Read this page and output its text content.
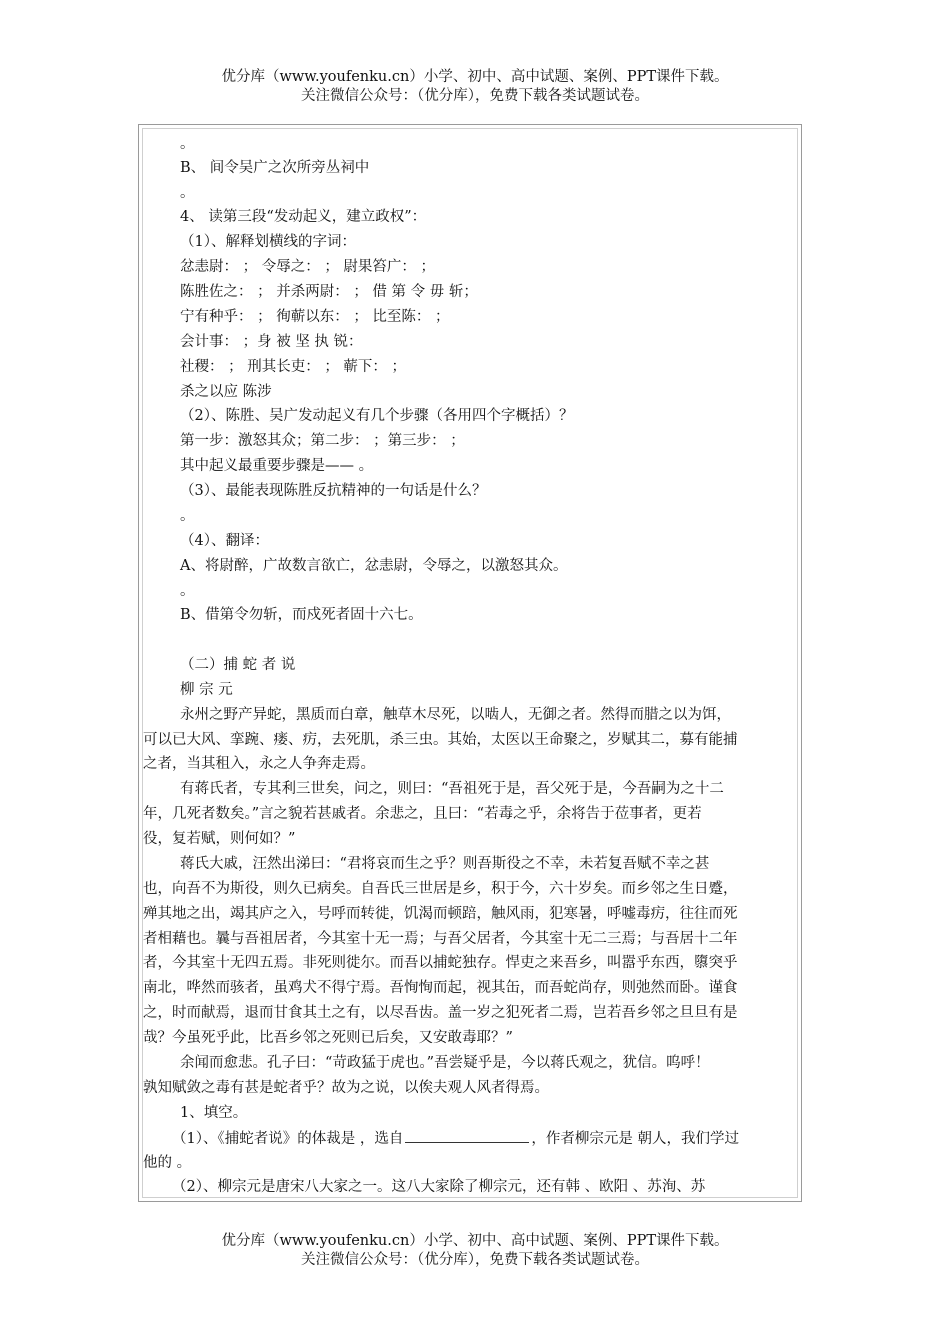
优分库（www.youfenku.cn）小学、初中、高中试题、案例、PPT课件下载。
关注微信公众号：（优分库），免费下载各类试题试卷。
。
B、 间令吴广之次所旁丛祠中
。
4、 读第三段“发动起义，建立政权”：
（1）、解释划横线的字词：
忿恚尉： ； 令辱之： ； 尉果笞广： ；
陈胜佐之： ； 并杀两尉： ； 借 第 令 毋 斩；
宁有种乎： ； 徇蕲以东： ； 比至陈： ；
会计事： ；身 被 坚 执 锐：
社稷： ； 刑其长吏： ； 蕲下： ；
杀之以应 陈涉
（2）、陈胜、吴广发动起义有几个步骤（各用四个字概括）？
第一步：激怒其众；第二步： ；第三步： ；
其中起义最重要步骤是—— 。
（3）、最能表现陈胜反抗精神的一句话是什么？
。
（4）、翻译：
A、将尉醉，广故数言欲亡，忿恚尉，令辱之，以激怒其众。
。
B、借第令勿斩，而戍死者固十六七。
（二）捕 蛇 者 说
柳 宗 元
永州之野产异蛇，黑质而白章，触草木尽死，以啮人，无御之者。然得而腊之以为饵，
可以已大风、挛踠、瘘、疠，去死肌，杀三虫。其始，太医以王命聚之，岁赋其二，募有能捕
之者，当其租入，永之人争奔走焉。
有蒋氏者，专其利三世矣，问之，则曰：“吾祖死于是，吾父死于是，今吾嗣为之十二
年，几死者数矣。”言之貌若甚戚者。余悲之，且曰：“若毒之乎，余将告于莅事者，更若
役，复若赋，则何如？”
蒋氏大戚，汪然出涕曰：“君将哀而生之乎？则吾斯役之不幸，未若复吾赋不幸之甚
也，向吾不为斯役，则久已病矣。自吾氏三世居是乡，积于今，六十岁矣。而乡邻之生日蹙，
殚其地之出，竭其庐之入，号呼而转徙，饥渴而顿踣，触风雨，犯寒暑，呼嘘毒疠，往往而死
者相藉也。曩与吾祖居者，今其室十无一焉；与吾父居者，今其室十无二三焉；与吾居十二年
者，今其室十无四五焉。非死则徙尔。而吾以捕蛇独存。悍吏之来吾乡，叫嚣乎东西，隳突乎
南北，哗然而骇者，虽鸡犬不得宁焉。吾恂恂而起，视其缶，而吾蛇尚存，则弛然而卧。谨食
之，时而献焉，退而甘食其土之有，以尽吾齿。盖一岁之犯死者二焉，岂若吾乡邻之旦旦有是
哉？今虽死乎此，比吾乡邻之死则已后矣，又安敢毒耶？”
余闻而愈悲。孔子曰：“苛政猛于虎也。”吾尝疑乎是，今以蒋氏观之，犹信。呜呼！
孰知赋敛之毒有甚是蛇者乎？故为之说，以俟夫观人风者得焉。
1、填空。
（1）、《捕蛇者说》的体裁是 ，选自	，作者柳宗元是 朝人，我们学过
他的 。
（2）、柳宗元是唐宋八大家之一。这八大家除了柳宗元，还有韩 、欧阳 、苏洵、苏
优分库（www.youfenku.cn）小学、初中、高中试题、案例、PPT课件下载。
关注微信公众号：（优分库），免费下载各类试题试卷。
